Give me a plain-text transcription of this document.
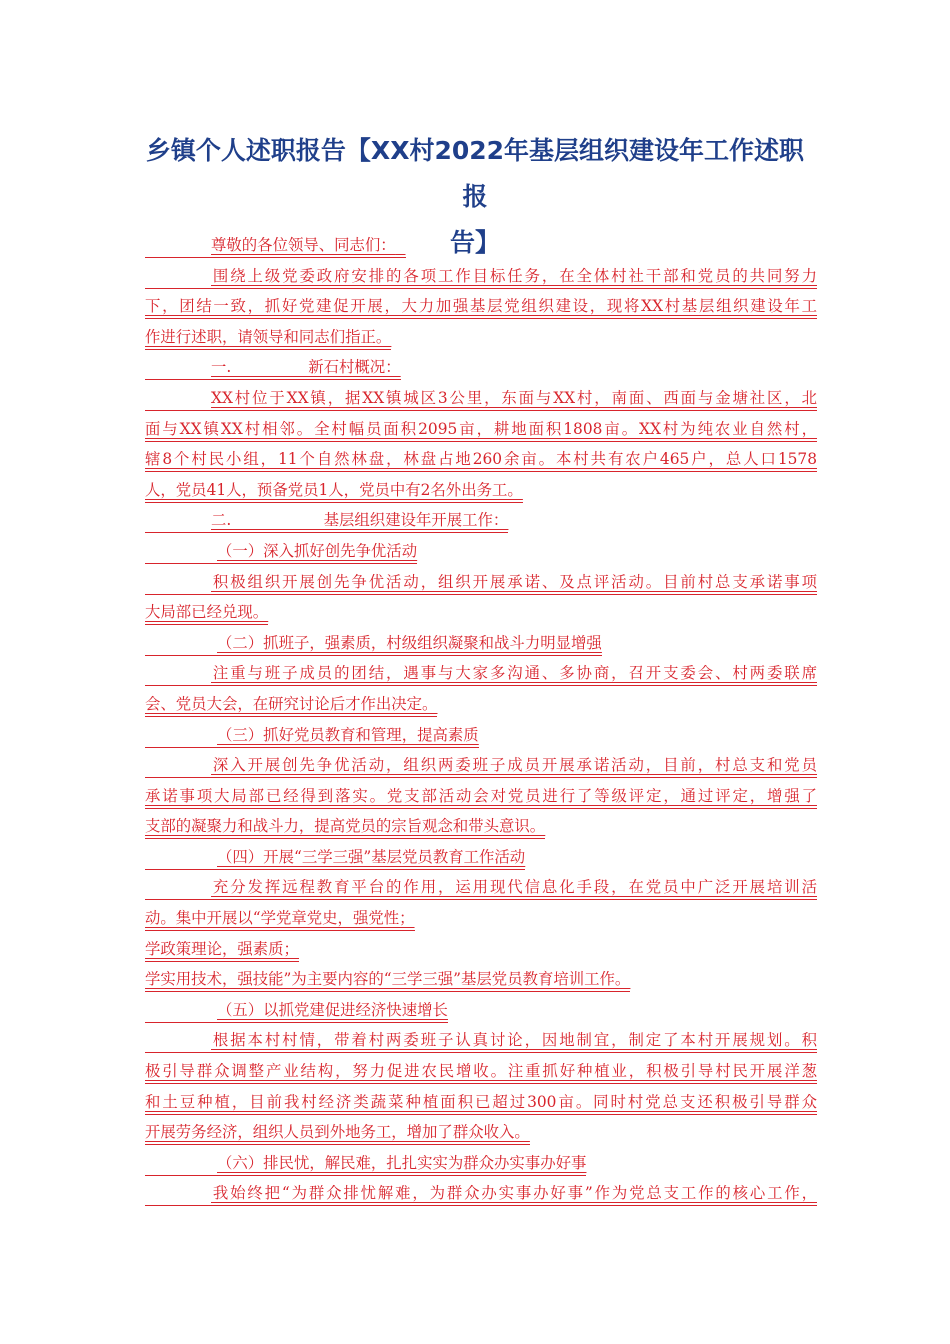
乡镇个人述职报告【XX村2022年基层组织建设年工作述职报
告】
尊敬的各位领导、同志们：
围绕上级党委政府安排的各项工作目标任务，在全体村社干部和党员的共同努力
下，团结一致，抓好党建促开展，大力加强基层党组织建设，现将XX村基层组织建设年工
作进行述职，请领导和同志们指正。
一.　　　　　新石村概况：
XX村位于XX镇，据XX镇城区3公里，东面与XX村，南面、西面与金塘社区，北
面与XX镇XX村相邻。全村幅员面积2095亩，耕地面积1808亩。XX村为纯农业自然村，
辖8个村民小组，11个自然林盘，林盘占地260余亩。本村共有农户465户，总人口1578
人，党员41人，预备党员1人，党员中有2名外出务工。
二.　　　　　　基层组织建设年开展工作：
（一）深入抓好创先争优活动
积极组织开展创先争优活动，组织开展承诺、及点评活动。目前村总支承诺事项
大局部已经兑现。
（二）抓班子，强素质，村级组织凝聚和战斗力明显增强
注重与班子成员的团结，遇事与大家多沟通、多协商，召开支委会、村两委联席
会、党员大会，在研究讨论后才作出决定。
（三）抓好党员教育和管理，提高素质
深入开展创先争优活动，组织两委班子成员开展承诺活动，目前，村总支和党员
承诺事项大局部已经得到落实。党支部活动会对党员进行了等级评定，通过评定，增强了
支部的凝聚力和战斗力，提高党员的宗旨观念和带头意识。
（四）开展“三学三强”基层党员教育工作活动
充分发挥远程教育平台的作用，运用现代信息化手段，在党员中广泛开展培训活
动。集中开展以“学党章党史，强党性；
学政策理论，强素质；
学实用技术，强技能”为主要内容的“三学三强”基层党员教育培训工作。
（五）以抓党建促进经济快速增长
根据本村村情，带着村两委班子认真讨论，因地制宜，制定了本村开展规划。积
极引导群众调整产业结构，努力促进农民增收。注重抓好种植业，积极引导村民开展洋葱
和土豆种植，目前我村经济类蔬菜种植面积已超过300亩。同时村党总支还积极引导群众
开展劳务经济，组织人员到外地务工，增加了群众收入。
（六）排民忧，解民难，扎扎实实为群众办实事办好事
我始终把“为群众排忧解难，为群众办实事办好事”作为党总支工作的核心工作，
